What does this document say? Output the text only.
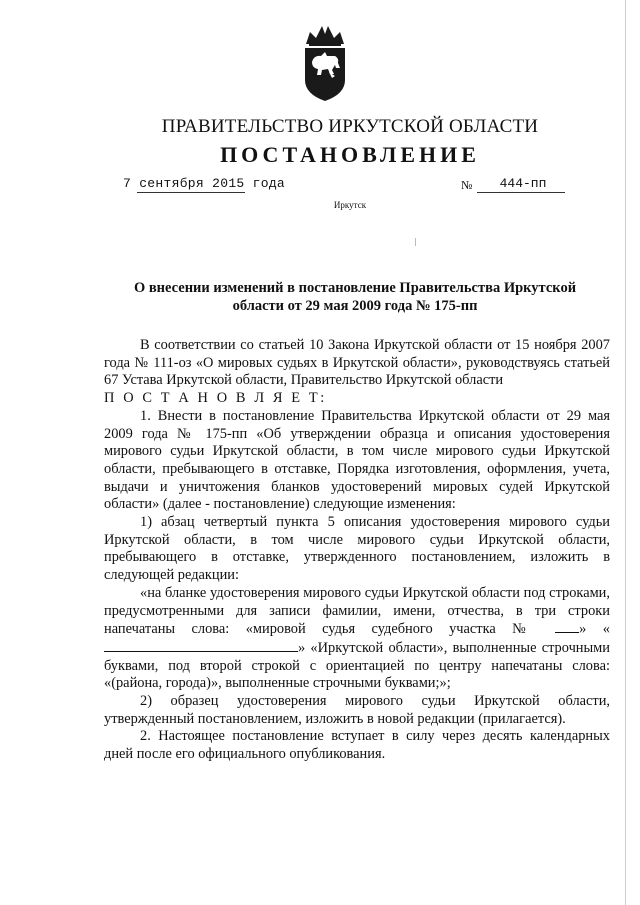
ПРАВИТЕЛЬСТВО ИРКУТСКОЙ ОБЛАСТИ
ПОСТАНОВЛЕНИЕ
7 сентября 2015 года	№	444-пп
Иркутск
О внесении изменений в постановление Правительства Иркутской области от 29 мая 2009 года № 175-пп

В соответствии со статьей 10 Закона Иркутской области от 15 ноября 2007 года № 111-оз «О мировых судьях в Иркутской области», руководствуясь статьей 67 Устава Иркутской области, Правительство Иркутской области

П О С Т А Н О В Л Я Е Т:

1. Внести в постановление Правительства Иркутской области от 29 мая 2009 года № 175-пп «Об утверждении образца и описания удостоверения мирового судьи Иркутской области, в том числе мирового судьи Иркутской области, пребывающего в отставке, Порядка изготовления, оформления, учета, выдачи и уничтожения бланков удостоверений мировых судей Иркутской области» (далее - постановление) следующие изменения:

1) абзац четвертый пункта 5 описания удостоверения мирового судьи Иркутской области, в том числе мирового судьи Иркутской области, пребывающего в отставке, утвержденного постановлением, изложить в следующей редакции:

«на бланке удостоверения мирового судьи Иркутской области под строками, предусмотренными для записи фамилии, имени, отчества, в три строки напечатаны слова: «мировой судья судебного участка №	» «» «Иркутской области», выполненные строчными буквами, под второй строкой с ориентацией по центру напечатаны слова: «(района, города)», выполненные строчными буквами;»;

2) образец удостоверения мирового судьи Иркутской области, утвержденный постановлением, изложить в новой редакции (прилагается).

2. Настоящее постановление вступает в силу через десять календарных дней после его официального опубликования.
